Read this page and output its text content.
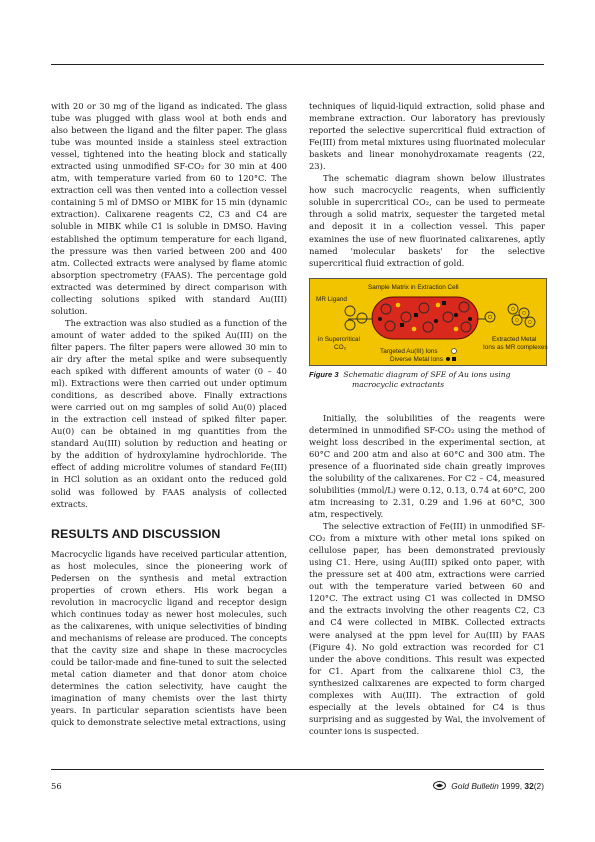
with 20 or 30 mg of the ligand as indicated. The glass tube was plugged with glass wool at both ends and also between the ligand and the filter paper. The glass tube was mounted inside a stainless steel extraction vessel, tightened into the heating block and statically extracted using unmodified SF-CO₂ for 30 min at 400 atm, with temperature varied from 60 to 120°C. The extraction cell was then vented into a collection vessel containing 5 ml of DMSO or MIBK for 15 min (dynamic extraction). Calixarene reagents C2, C3 and C4 are soluble in MIBK while C1 is soluble in DMSO. Having established the optimum temperature for each ligand, the pressure was then varied between 200 and 400 atm. Collected extracts were analysed by flame atomic absorption spectrometry (FAAS). The percentage gold extracted was determined by direct comparison with collecting solutions spiked with standard Au(III) solution.

The extraction was also studied as a function of the amount of water added to the spiked Au(III) on the filter papers. The filter papers were allowed 30 min to air dry after the metal spike and were subsequently each spiked with different amounts of water (0 – 40 ml). Extractions were then carried out under optimum conditions, as described above. Finally extractions were carried out on mg samples of solid Au(0) placed in the extraction cell instead of spiked filter paper. Au(0) can be obtained in mg quantities from the standard Au(III) solution by reduction and heating or by the addition of hydroxylamine hydrochloride. The effect of adding microlitre volumes of standard Fe(III) in HCl solution as an oxidant onto the reduced gold solid was followed by FAAS analysis of collected extracts.

RESULTS AND DISCUSSION

Macrocyclic ligands have received particular attention, as host molecules, since the pioneering work of Pedersen on the synthesis and metal extraction properties of crown ethers. His work began a revolution in macrocyclic ligand and receptor design which continues today as newer host molecules, such as the calixarenes, with unique selectivities of binding and mechanisms of release are produced. The concepts that the cavity size and shape in these macrocycles could be tailor-made and fine-tuned to suit the selected metal cation diameter and that donor atom choice determines the cation selectivity, have caught the imagination of many chemists over the last thirty years. In particular separation scientists have been quick to demonstrate selective metal extractions, using

techniques of liquid-liquid extraction, solid phase and membrane extraction. Our laboratory has previously reported the selective supercritical fluid extraction of Fe(III) from metal mixtures using fluorinated molecular baskets and linear monohydroxamate reagents (22, 23).

The schematic diagram shown below illustrates how such macrocyclic reagents, when sufficiently soluble in supercritical CO₂, can be used to permeate through a solid matrix, sequester the targeted metal and deposit it in a collection vessel. This paper examines the use of new fluorinated calixarenes, aptly named 'molecular baskets' for the selective supercritical fluid extraction of gold.

Sample Matrix in Extraction Cell
MR Ligand
in Supercritical
CO₂
Extracted Metal
Ions as MR complexes
Targeted Au(III) Ions
Diverse Metal Ions
Figure 3 Schematic diagram of SFE of Au ions using macrocyclic extractants

Initially, the solubilities of the reagents were determined in unmodified SF-CO₂ using the method of weight loss described in the experimental section, at 60°C and 200 atm and also at 60°C and 300 atm. The presence of a fluorinated side chain greatly improves the solubility of the calixarenes. For C2 – C4, measured solubilities (mmol/L) were 0.12, 0.13, 0.74 at 60°C, 200 atm increasing to 2.31, 0.29 and 1.96 at 60°C, 300 atm, respectively.

The selective extraction of Fe(III) in unmodified SF-CO₂ from a mixture with other metal ions spiked on cellulose paper, has been demonstrated previously using C1. Here, using Au(III) spiked onto paper, with the pressure set at 400 atm, extractions were carried out with the temperature varied between 60 and 120°C. The extract using C1 was collected in DMSO and the extracts involving the other reagents C2, C3 and C4 were collected in MIBK. Collected extracts were analysed at the ppm level for Au(III) by FAAS (Figure 4). No gold extraction was recorded for C1 under the above conditions. This result was expected for C1. Apart from the calixarene thiol C3, the synthesized calixarenes are expected to form charged complexes with Au(III). The extraction of gold especially at the levels obtained for C4 is thus surprising and as suggested by Wai, the involvement of counter ions is suspected.

56	Gold Bulletin 1999, 32(2)
